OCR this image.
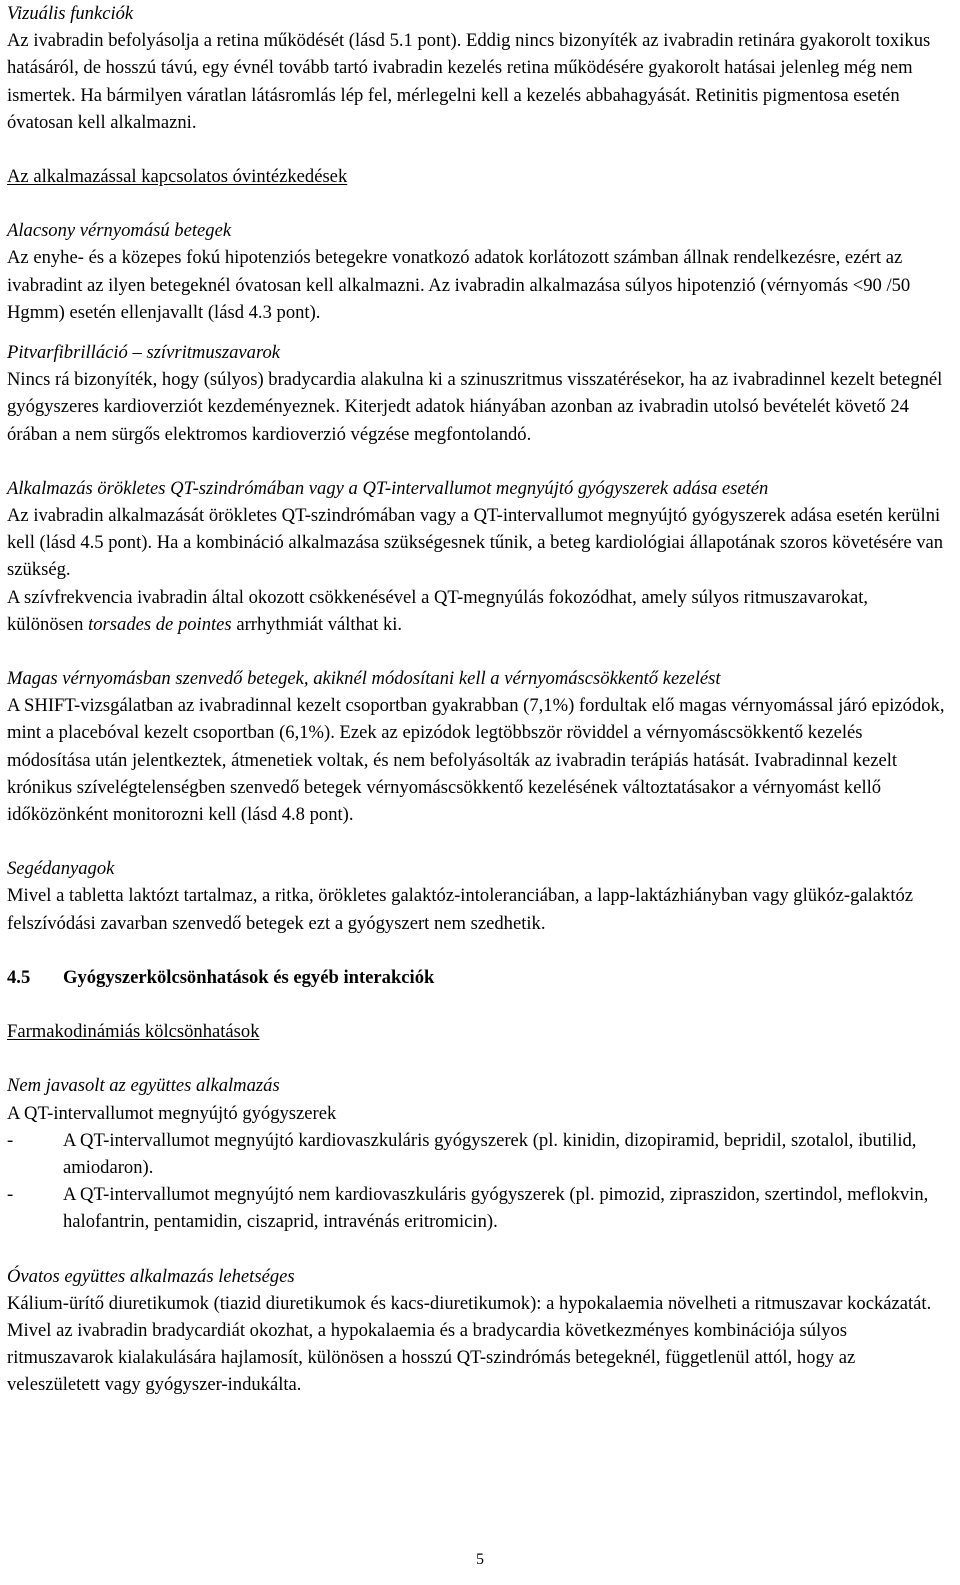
Vizuális funkciók

Az ivabradin befolyásolja a retina működését (lásd 5.1 pont). Eddig nincs bizonyíték az ivabradin retinára gyakorolt toxikus hatásáról, de hosszú távú, egy évnél tovább tartó ivabradin kezelés retina működésére gyakorolt hatásai jelenleg még nem ismertek. Ha bármilyen váratlan látásromlás lép fel, mérlegelni kell a kezelés abbahagyását. Retinitis pigmentosa esetén óvatosan kell alkalmazni.

Az alkalmazással kapcsolatos óvintézkedések

Alacsony vérnyomású betegek

Az enyhe- és a közepes fokú hipotenziós betegekre vonatkozó adatok korlátozott számban állnak rendelkezésre, ezért az ivabradint az ilyen betegeknél óvatosan kell alkalmazni. Az ivabradin alkalmazása súlyos hipotenzió (vérnyomás <90 /50 Hgmm) esetén ellenjavallt (lásd 4.3 pont).

Pitvarfibrilláció – szívritmuszavarok

Nincs rá bizonyíték, hogy (súlyos) bradycardia alakulna ki a szinuszritmus visszatérésekor, ha az ivabradinnel kezelt betegnél gyógyszeres kardioverziót kezdeményeznek. Kiterjedt adatok hiányában azonban az ivabradin utolsó bevételét követő 24 órában a nem sürgős elektromos kardioverzió végzése megfontolandó.

Alkalmazás örökletes QT-szindrómában vagy a QT-intervallumot megnyújtó gyógyszerek adása esetén

Az ivabradin alkalmazását örökletes QT-szindrómában vagy a QT-intervallumot megnyújtó gyógyszerek adása esetén kerülni kell (lásd 4.5 pont). Ha a kombináció alkalmazása szükségesnek tűnik, a beteg kardiológiai állapotának szoros követésére van szükség.

A szívfrekvencia ivabradin által okozott csökkenésével a QT-megnyúlás fokozódhat, amely súlyos ritmuszavarokat, különösen torsades de pointes arrhythmiát válthat ki.

Magas vérnyomásban szenvedő betegek, akiknél módosítani kell a vérnyomáscsökkentő kezelést

A SHIFT-vizsgálatban az ivabradinnal kezelt csoportban gyakrabban (7,1%) fordultak elő magas vérnyomással járó epizódok, mint a placebóval kezelt csoportban (6,1%). Ezek az epizódok legtöbbször röviddel a vérnyomáscsökkentő kezelés módosítása után jelentkeztek, átmenetiek voltak, és nem befolyásolták az ivabradin terápiás hatását. Ivabradinnal kezelt krónikus szívelégtelenségben szenvedő betegek vérnyomáscsökkentő kezelésének változtatásakor a vérnyomást kellő időközönként monitorozni kell (lásd 4.8 pont).

Segédanyagok

Mivel a tabletta laktózt tartalmaz, a ritka, örökletes galaktóz-intoleranciában, a lapp-laktázhiányban vagy glükóz-galaktóz felszívódási zavarban szenvedő betegek ezt a gyógyszert nem szedhetik.

4.5 Gyógyszerkölcsönhatások és egyéb interakciók

Farmakodinámiás kölcsönhatások

Nem javasolt az együttes alkalmazás

A QT-intervallumot megnyújtó gyógyszerek

-	A QT-intervallumot megnyújtó kardiovaszkuláris gyógyszerek (pl. kinidin, dizopiramid, bepridil, szotalol, ibutilid, amiodaron).

-	A QT-intervallumot megnyújtó nem kardiovaszkuláris gyógyszerek (pl. pimozid, zipraszidon, szertindol, meflokvin, halofantrin, pentamidin, ciszaprid, intravénás eritromicin).

Óvatos együttes alkalmazás lehetséges

Kálium-ürítő diuretikumok (tiazid diuretikumok és kacs-diuretikumok): a hypokalaemia növelheti a ritmuszavar kockázatát. Mivel az ivabradin bradycardiát okozhat, a hypokalaemia és a bradycardia következményes kombinációja súlyos ritmuszavarok kialakulására hajlamosít, különösen a hosszú QT-szindrómás betegeknél, függetlenül attól, hogy az veleszületett vagy gyógyszer-indukálta.

5
